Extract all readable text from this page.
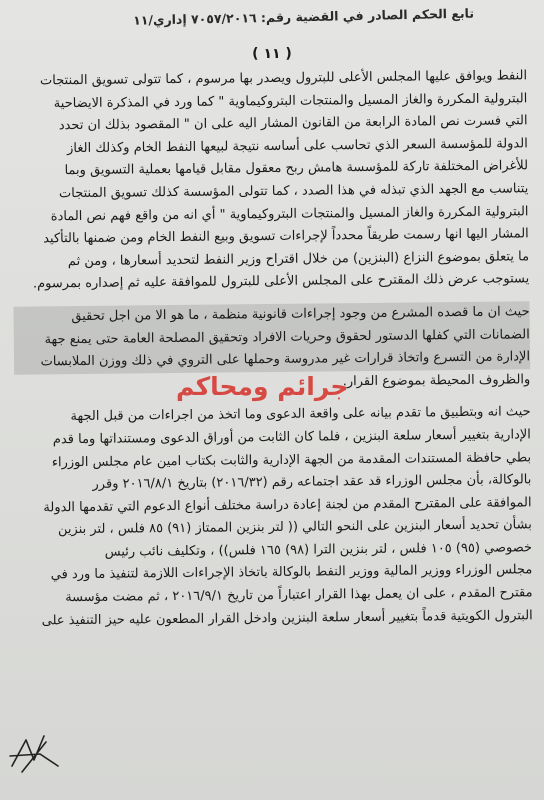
تابع الحكم الصادر في القضية رقم: ٧٠٥٧/٢٠١٦ إداري/١١
( ١١ )
النفط ويوافق عليها المجلس الأعلى للبترول ويصدر بها مرسوم ، كما تتولى تسويق المنتجات
البترولية المكررة والغاز المسيل والمنتجات البتروكيماوية " كما ورد في المذكرة الايضاحية
التي فسرت نص المادة الرابعة من القانون المشار اليه على ان " المقصود بذلك ان تحدد
الدولة للمؤسسة السعر الذي تحاسب على أساسه نتيجة لبيعها النفط الخام وكذلك الغاز
للأغراض المختلفة تاركة للمؤسسة هامش ربح معقول مقابل قيامها بعملية التسويق وبما
يتناسب مع الجهد الذي تبذله في هذا الصدد ، كما تتولى المؤسسة كذلك تسويق المنتجات
البترولية المكررة والغاز المسيل والمنتجات البتروكيماوية " أي انه من واقع فهم نص المادة
المشار اليها انها رسمت طريقاً محدداً لإجراءات تسويق وبيع النفط الخام ومن ضمنها بالتأكيد
ما يتعلق بموضوع النزاع (البنزين) من خلال اقتراح وزير النفط لتحديد أسعارها ، ومن ثم
يستوجب عرض ذلك المقترح على المجلس الأعلى للبترول للموافقة عليه ثم إصداره بمرسوم.
حيث ان ما قصده المشرع من وجود إجراءات قانونية منظمة ، ما هو الا من اجل تحقيق
الضمانات التي كفلها الدستور لحقوق وحريات الافراد وتحقيق المصلحة العامة حتى يمنع جهة
الإدارة من التسرع واتخاذ قرارات غير مدروسة وحملها على التروي في ذلك ووزن الملابسات
والظروف المحيطة بموضوع القرار.
حيث انه وبتطبيق ما تقدم بيانه على واقعة الدعوى وما اتخذ من اجراءات من قبل الجهة
الإدارية بتغيير أسعار سلعة البنزين ، فلما كان الثابت من أوراق الدعوى ومستنداتها وما قدم
بطي حافظة المستندات المقدمة من الجهة الإدارية والثابت بكتاب امين عام مجلس الوزراء
بالوكالة، بأن مجلس الوزراء قد عقد اجتماعه رقم (٢٠١٦/٣٢) بتاريخ ٢٠١٦/٨/١ وقرر
الموافقة على المقترح المقدم من لجنة إعادة دراسة مختلف أنواع الدعوم التي تقدمها الدولة
بشأن تحديد أسعار البنزين على النحو التالي (( لتر بنزين الممتاز (٩١) ٨٥ فلس ، لتر بنزين
خصوصي (٩٥) ١٠٥ فلس ، لتر بنزين الترا (٩٨) ١٦٥ فلس)) ، وتكليف نائب رئيس
مجلس الوزراء ووزير المالية ووزير النفط بالوكالة باتخاذ الإجراءات اللازمة لتنفيذ ما ورد في
مقترح المقدم ، على ان يعمل بهذا القرار اعتباراً من تاريخ ٢٠١٦/٩/١ ، ثم مضت مؤسسة
البترول الكويتية قدماً بتغيير أسعار سلعة البنزين وادخل القرار المطعون عليه حيز التنفيذ على
جرائم ومحاكم
